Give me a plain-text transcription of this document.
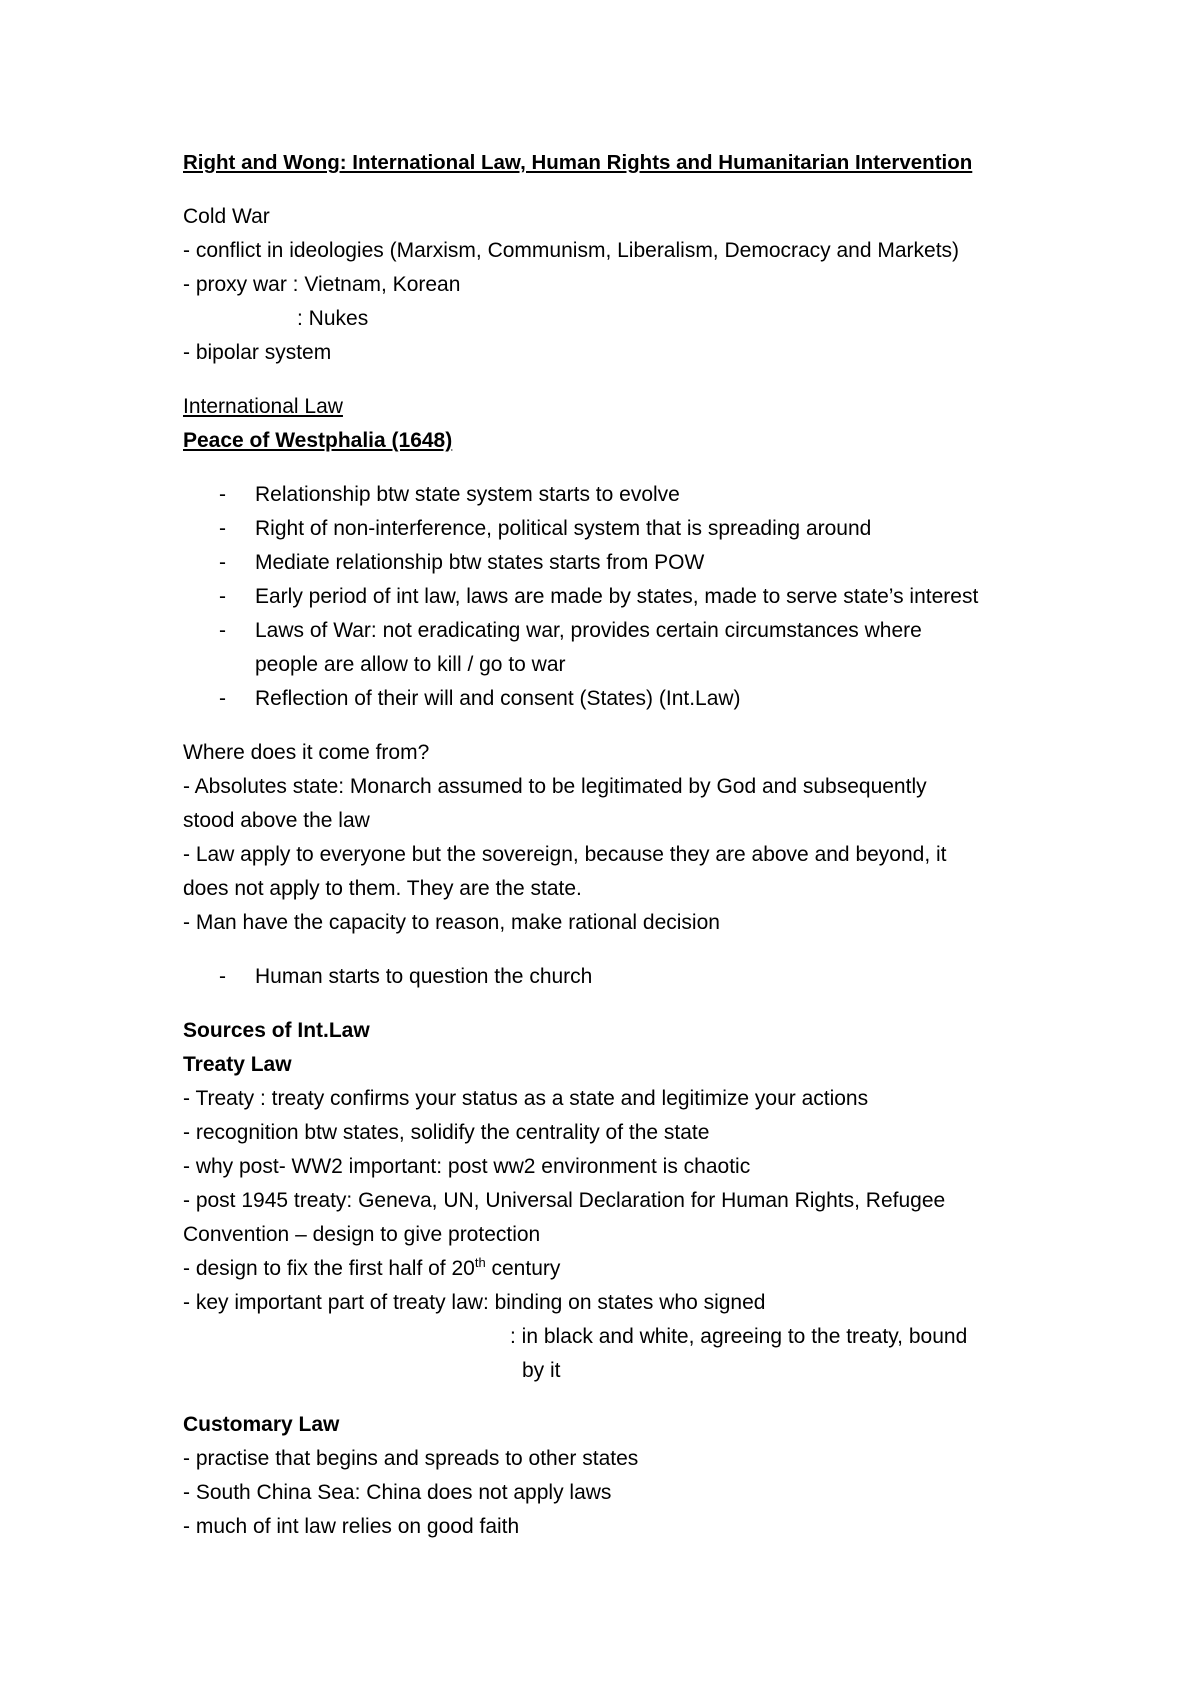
Right and Wong: International Law, Human Rights and Humanitarian Intervention
Cold War
- conflict in ideologies (Marxism, Communism, Liberalism, Democracy and Markets)
- proxy war : Vietnam, Korean
: Nukes
- bipolar system
International Law
Peace of Westphalia (1648)
- Relationship btw state system starts to evolve
- Right of non-interference, political system that is spreading around
- Mediate relationship btw states starts from POW
- Early period of int law, laws are made by states, made to serve state’s interest
- Laws of War: not eradicating war, provides certain circumstances where
people are allow to kill / go to war
- Reflection of their will and consent (States) (Int.Law)
Where does it come from?
- Absolutes state: Monarch assumed to be legitimated by God and subsequently
stood above the law
- Law apply to everyone but the sovereign, because they are above and beyond, it
does not apply to them. They are the state.
- Man have the capacity to reason, make rational decision
- Human starts to question the church
Sources of Int.Law
Treaty Law
- Treaty : treaty confirms your status as a state and legitimize your actions
- recognition btw states, solidify the centrality of the state
- why post- WW2 important: post ww2 environment is chaotic
- post 1945 treaty: Geneva, UN, Universal Declaration for Human Rights, Refugee
Convention – design to give protection
- design to fix the first half of 20th century
- key important part of treaty law: binding on states who signed
: in black and white, agreeing to the treaty, bound
by it
Customary Law
- practise that begins and spreads to other states
- South China Sea: China does not apply laws
- much of int law relies on good faith
